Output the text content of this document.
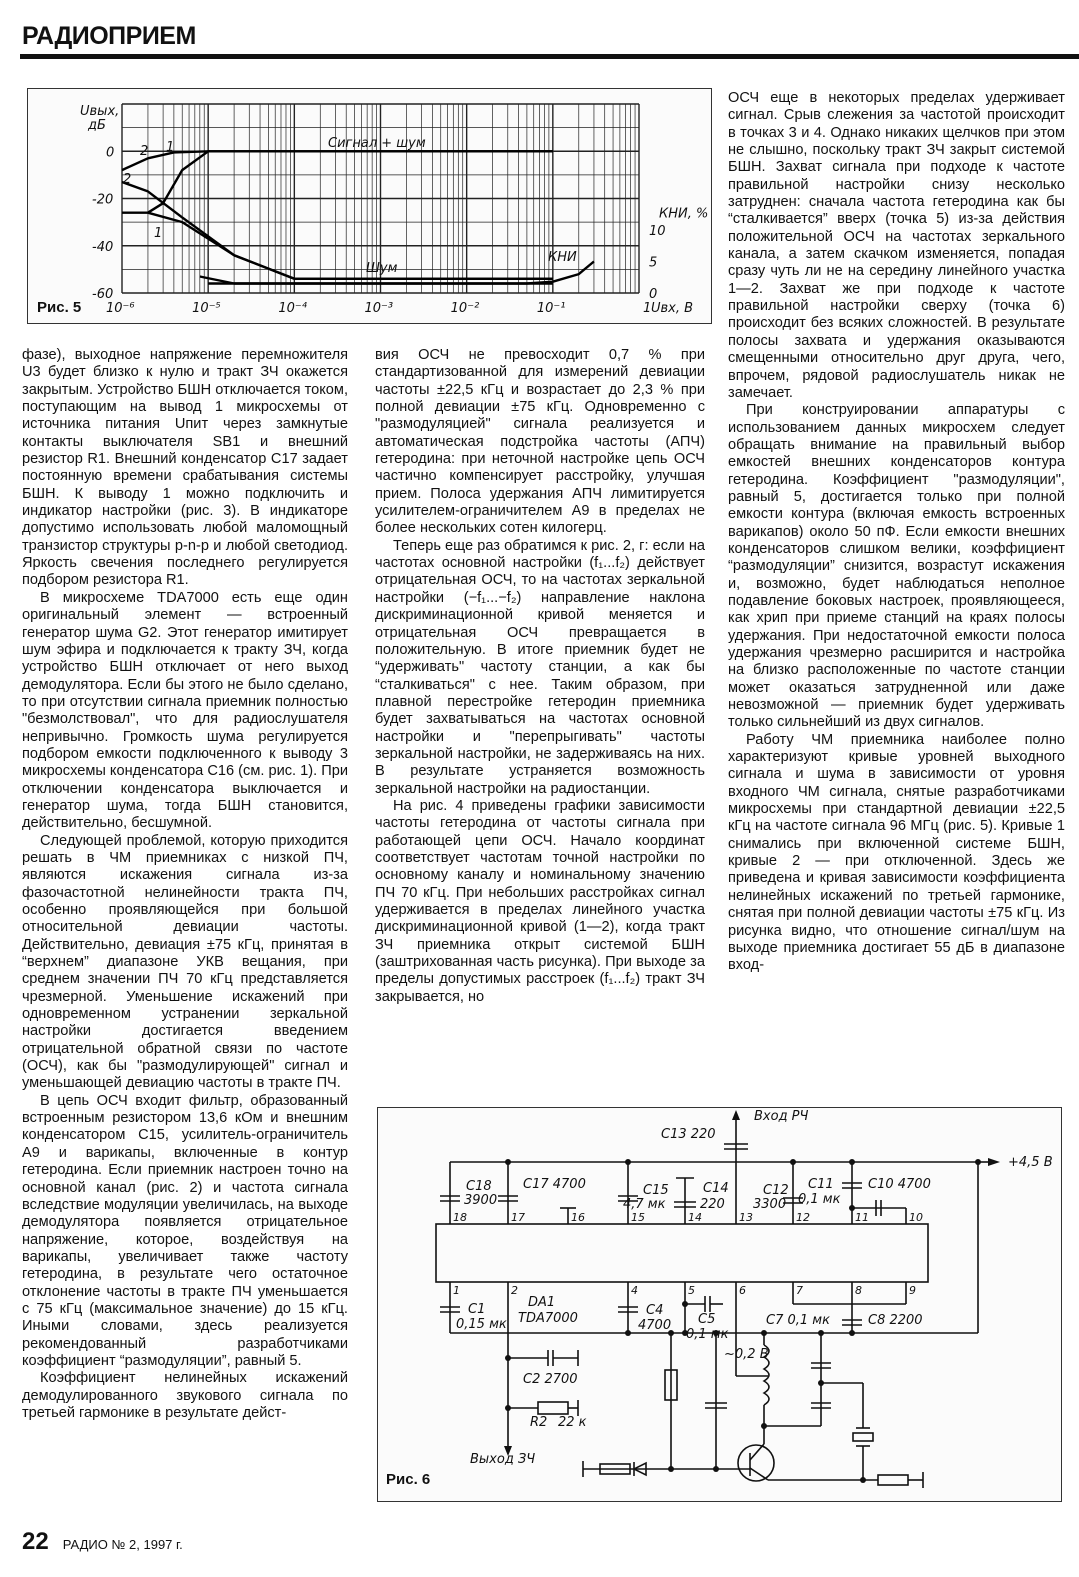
РАДИОПРИЕМ
Uвых,
дБ
0
-20
-40
-60
10⁻⁶	10⁻⁵	10⁻⁴	10⁻³	10⁻²	10⁻¹	1 Uвх, В
КНИ, %
0
5
10
Сигнал + шум
Шум
КНИ
2
2
1
1
Рис. 5

фазе), выходное напряжение перемножителя U3 будет близко к нулю и тракт ЗЧ окажется закрытым. Устройство БШН отключается током, поступающим на вывод 1 микросхемы от источника питания Uпит через замкнутые контакты выключателя SB1 и внешний резистор R1. Внешний конденсатор С17 задает постоянную времени срабатывания системы БШН. К выводу 1 можно подключить и индикатор настройки (рис. 3). В индикаторе допустимо использовать любой маломощный транзистор структуры p-n-p и любой светодиод. Яркость свечения последнего регулируется подбором резистора R1.

В микросхеме TDA7000 есть еще один оригинальный элемент — встроенный генератор шума G2. Этот генератор имитирует шум эфира и подключается к тракту ЗЧ, когда устройство БШН отключает от него выход демодулятора. Если бы этого не было сделано, то при отсутствии сигнала приемник полностью "безмолствовал", что для радиослушателя непривычно. Громкость шума регулируется подбором емкости подключенного к выводу 3 микросхемы конденсатора С16 (см. рис. 1). При отключении конденсатора выключается и генератор шума, тогда БШН становится, действительно, бесшумной.

Следующей проблемой, которую приходится решать в ЧМ приемниках с низкой ПЧ, являются искажения сигнала из-за фазочастотной нелинейности тракта ПЧ, особенно проявляющейся при большой относительной девиации частоты. Действительно, девиация ±75 кГц, принятая в “верхнем” диапазоне УКВ вещания, при среднем значении ПЧ 70 кГц представляется чрезмерной. Уменьшение искажений при одновременном устранении зеркальной настройки достигается введением отрицательной обратной связи по частоте (ОСЧ), как бы "размодулирующей" сигнал и уменьшающей девиацию частоты в тракте ПЧ.

В цепь ОСЧ входит фильтр, образованный встроенным резистором 13,6 кОм и внешним конденсатором С15, усилитель-ограничитель А9 и варикапы, включенные в контур гетеродина. Если приемник настроен точно на основной канал (рис. 2) и частота сигнала вследствие модуляции увеличилась, на выходе демодулятора появляется отрицательное напряжение, которое, воздействуя на варикапы, увеличивает также частоту гетеродина, в результате чего остаточное отклонение частоты в тракте ПЧ уменьшается с 75 кГц (максимальное значение) до 15 кГц. Иными словами, здесь реализуется рекомендованный разработчиками коэффициент “размодуляции”, равный 5.

Коэффициент нелинейных искажений демодулированного звукового сигнала по третьей гармонике в результате дейст-

вия ОСЧ не превосходит 0,7 % при стандартизованной для измерений девиации частоты ±22,5 кГц и возрастает до 2,3 % при полной девиации ±75 кГц. Одновременно с "размодуляцией" сигнала реализуется и автоматическая подстройка частоты (АПЧ) гетеродина: при неточной настройке цепь ОСЧ частично компенсирует расстройку, улучшая прием. Полоса удержания АПЧ лимитируется усилителем-ограничителем А9 в пределах не более нескольких сотен килогерц.

Теперь еще раз обратимся к рис. 2, г: если на частотах основной настройки (f₁...f₂) действует отрицательная ОСЧ, то на частотах зеркальной настройки (−f₁...−f₂) направление наклона дискриминационной кривой меняется и отрицательная ОСЧ превращается в положительную. В итоге приемник будет не “удерживать" частоту станции, а как бы “сталкиваться" с нее. Таким образом, при плавной перестройке гетеродин приемника будет захватываться на частотах основной настройки и "перепрыгивать" частоты зеркальной настройки, не задерживаясь на них. В результате устраняется возможность зеркальной настройки на радиостанции.

На рис. 4 приведены графики зависимости частоты гетеродина от частоты сигнала при работающей цепи ОСЧ. Начало координат соответствует частотам точной настройки по основному каналу и номинальному значению ПЧ 70 кГц. При небольших расстройках сигнал удерживается в пределах линейного участка дискриминационной кривой (1—2), когда тракт ЗЧ приемника открыт системой БШН (заштрихованная часть рисунка). При выходе за пределы допустимых расстроек (f₁...f₂) тракт ЗЧ закрывается, но

ОСЧ еще в некоторых пределах удерживает сигнал. Срыв слежения за частотой происходит в точках 3 и 4. Однако никаких щелчков при этом не слышно, поскольку тракт ЗЧ закрыт системой БШН. Захват сигнала при подходе к частоте правильной настройки снизу несколько затруднен: сначала частота гетеродина как бы “сталкивается” вверх (точка 5) из-за действия положительной ОСЧ на частотах зеркального канала, а затем скачком изменяется, попадая сразу чуть ли не на середину линейного участка 1—2. Захват же при подходе к частоте правильной настройки сверху (точка 6) происходит без всяких сложностей. В результате полосы захвата и удержания оказываются смещенными относительно друг друга, чего, впрочем, рядовой радиослушатель никак не замечает.

При конструировании аппаратуры с использованием данных микросхем следует обращать внимание на правильный выбор емкостей внешних конденсаторов контура гетеродина. Коэффициент "размодуляции", равный 5, достигается только при полной емкости контура (включая емкость встроенных варикапов) около 50 пФ. Если емкости внешних конденсаторов слишком велики, коэффициент “размодуляции” снизится, возрастут искажения и, возможно, будет наблюдаться неполное подавление боковых настроек, проявляющееся, как хрип при приеме станций на краях полосы удержания. При недостаточной емкости полоса удержания чрезмерно расширится и настройка на близко расположенные по частоте станции может оказаться затрудненной или даже невозможной — приемник будет удерживать только сильнейший из двух сигналов.

Работу ЧМ приемника наиболее полно характеризуют кривые уровней выходного сигнала и шума в зависимости от уровня входного ЧМ сигнала, снятые разработчиками микросхемы при стандартной девиации ±22,5 кГц на частоте сигнала 96 МГц (рис. 5). Кривые 1 снимались при включенной системе БШН, кривые 2 — при отключенной. Здесь же приведена и кривая зависимости коэффициента нелинейных искажений по третьей гармонике, снятая при полной девиации частоты ±75 кГц. Из рисунка видно, что отношение сигнал/шум на выходе приемника достигает 55 дБ в диапазоне вход-

Вход РЧ
С13 220
+4,5 В
С18
3900
С17 4700	С15
4,7 мк
С14
220
С12
3300
С11
0,1 мк
С10 4700
С1
0,15 мк
DA1
TDA7000
С4
4700 С5
0,1 мк
С7 0,1 мк	С8 2200
С2 2700
R2 22 к
Выход ЗЧ
~0,2 В
18	17	16	15	14	13	12	11	10
1	2	4	5	6	7	8	9
Рис. 6
22 РАДИО № 2, 1997 г.
